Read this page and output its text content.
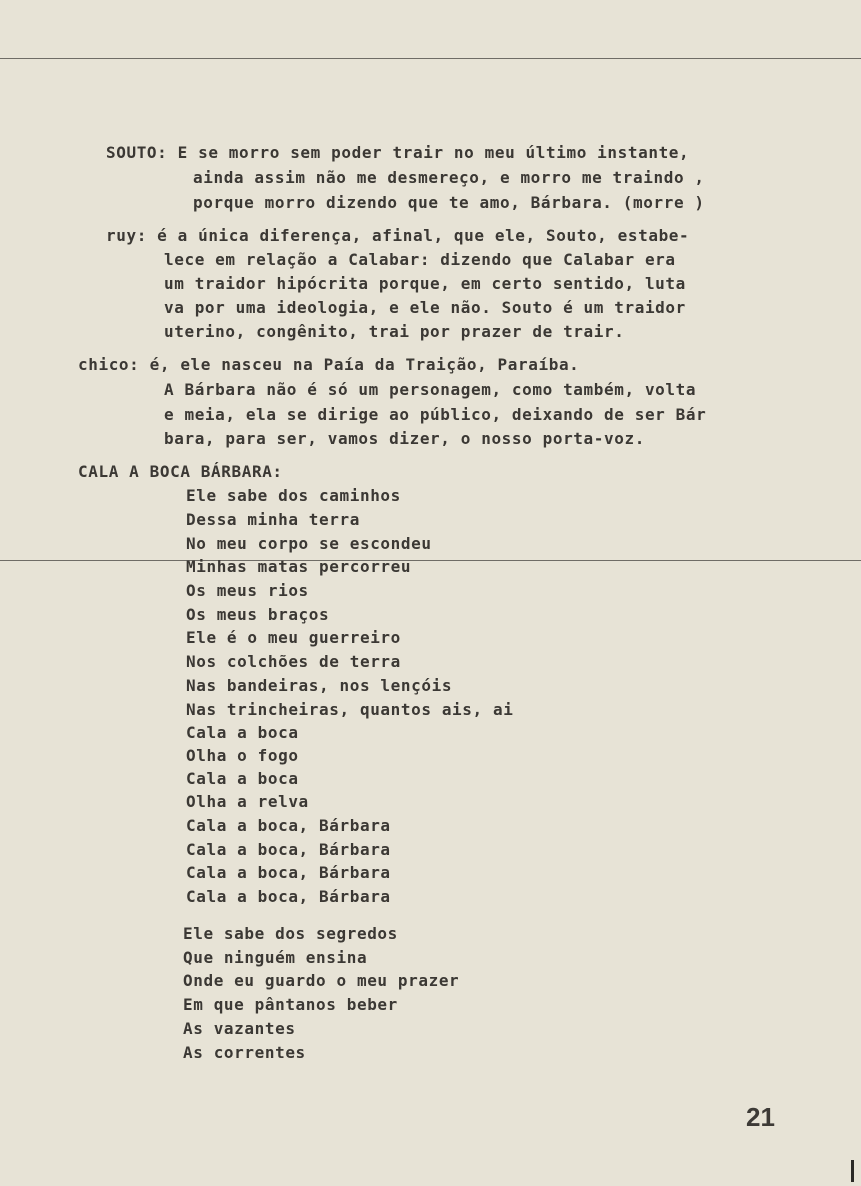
SOUTO: E se morro sem poder trair no meu último instante,
ainda assim não me desmereço, e morro me traindo ,
porque morro dizendo que te amo, Bárbara. (morre )
ruy: é a única diferença, afinal, que ele, Souto, estabe-
lece em relação a Calabar: dizendo que Calabar era
um traidor hipócrita porque, em certo sentido, luta
va por uma ideologia, e ele não. Souto é um traidor
uterino, congênito, trai por prazer de trair.
chico: é, ele nasceu na Paía da Traição, Paraíba.
A Bárbara não é só um personagem, como também, volta
e meia, ela se dirige ao público, deixando de ser Bár
bara, para ser, vamos dizer, o nosso porta-voz.
CALA A BOCA BÁRBARA:
Ele sabe dos caminhos
Dessa minha terra
No meu corpo se escondeu
Minhas matas percorreu
Os meus rios
Os meus braços
Ele é o meu guerreiro
Nos colchões de terra
Nas bandeiras, nos lençóis
Nas trincheiras, quantos ais, ai
Cala a boca
Olha o fogo
Cala a boca
Olha a relva
Cala a boca, Bárbara
Cala a boca, Bárbara
Cala a boca, Bárbara
Cala a boca, Bárbara
Ele sabe dos segredos
Que ninguém ensina
Onde eu guardo o meu prazer
Em que pântanos beber
As vazantes
As correntes
21
